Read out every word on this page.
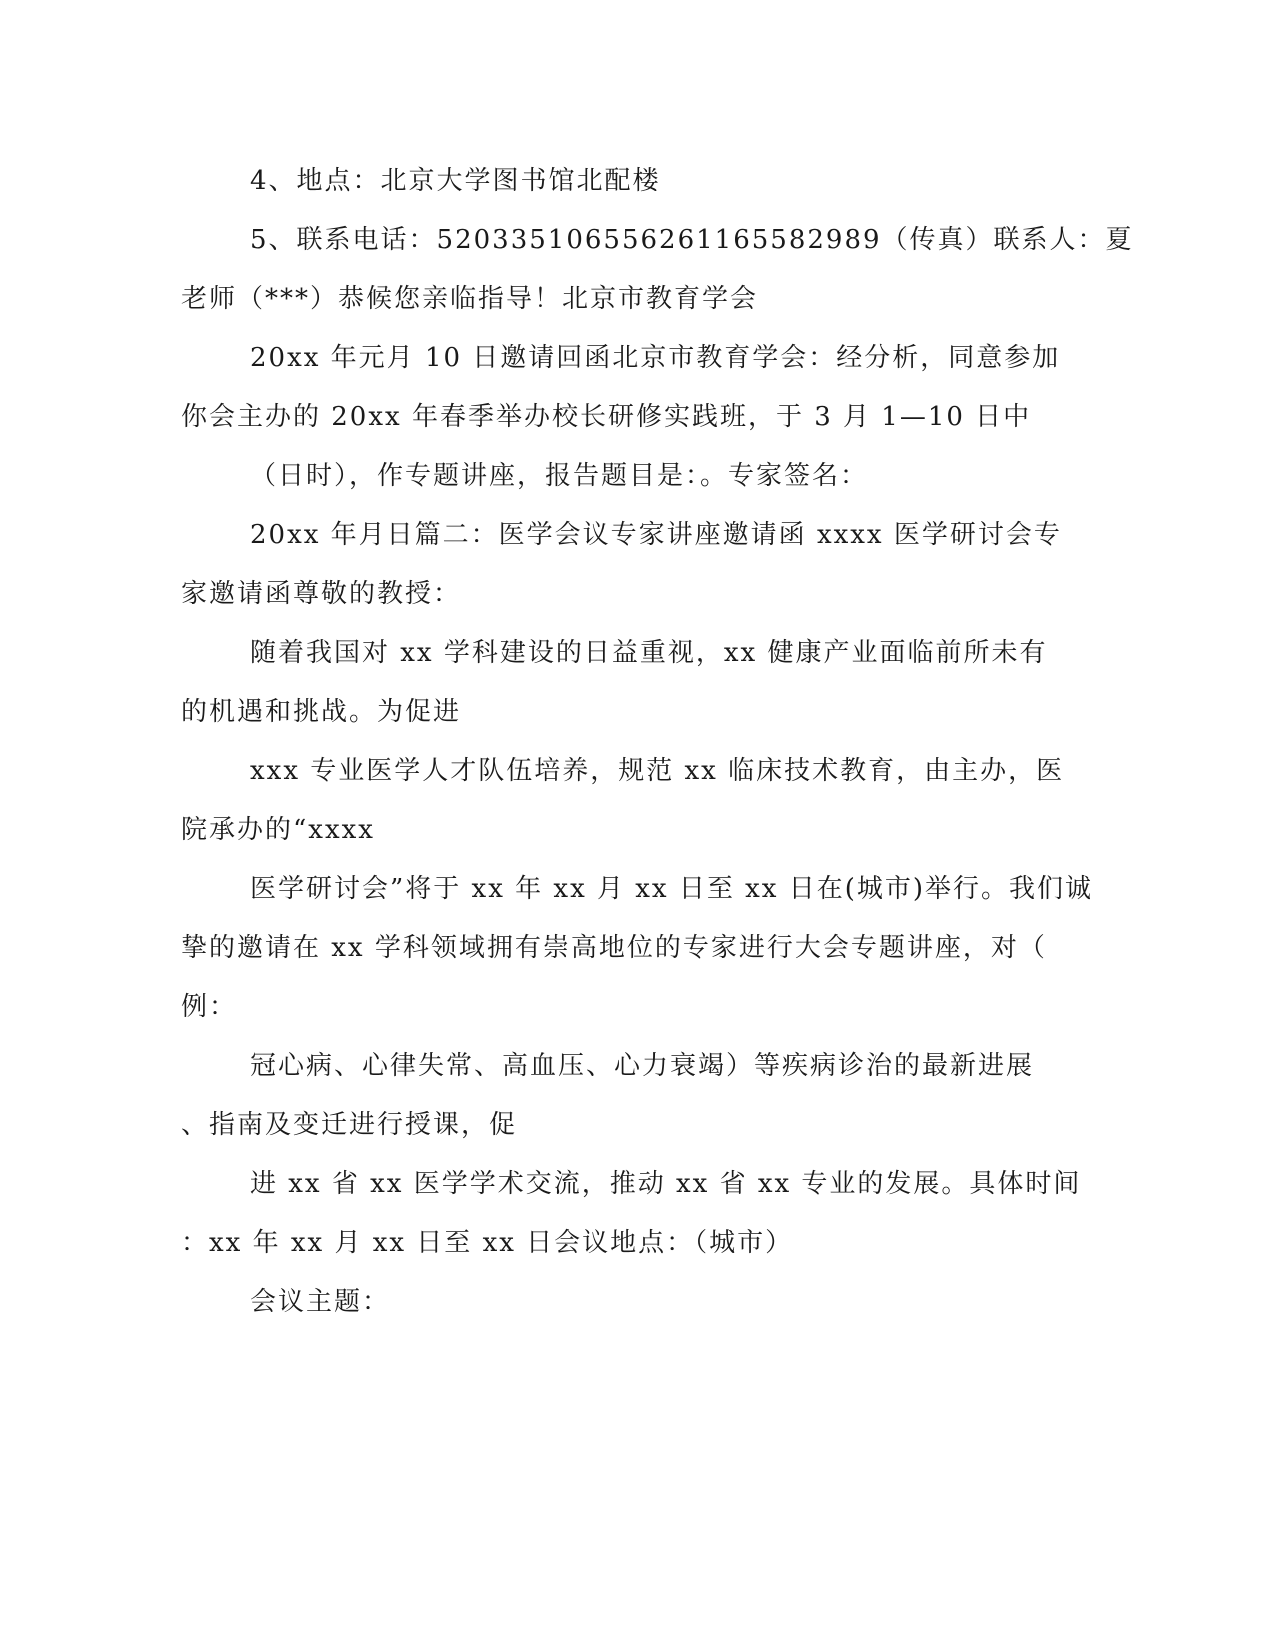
4、地点：北京大学图书馆北配楼
5、联系电话：5203351065562611655829​89（传真）联系人：夏
老师（***）恭候您亲临指导！北京市教育学会
20xx 年元月 10 日邀请回函北京市教育学会：经分析，同意参加
你会主办的 20xx 年春季举办校长研修实践班，于 3 月 1—10 日中
（日时），作专题讲座，报告题目是：。专家签名：
20xx 年月日篇二：医学会议专家讲座邀请函 xxxx 医学研讨会专
家邀请函尊敬的教授：
随着我国对 xx 学科建设的日益重视，xx 健康产业面临前所未有
的机遇和挑战。为促进
xxx 专业医学人才队伍培养，规范 xx 临床技术教育，由主办，医
院承办的“xxxx
医学研讨会”将于 xx 年 xx 月 xx 日至 xx 日在(城市)举行。我们诚
挚的邀请在 xx 学科领域拥有崇高地位的专家进行大会专题讲座，对（
例：
冠心病、心律失常、高血压、心力衰竭）等疾病诊治的最新进展
、指南及变迁进行授课，促
进 xx 省 xx 医学学术交流，推动 xx 省 xx 专业的发展。具体时间
：xx 年 xx 月 xx 日至 xx 日会议地点：（城市）
会议主题：
